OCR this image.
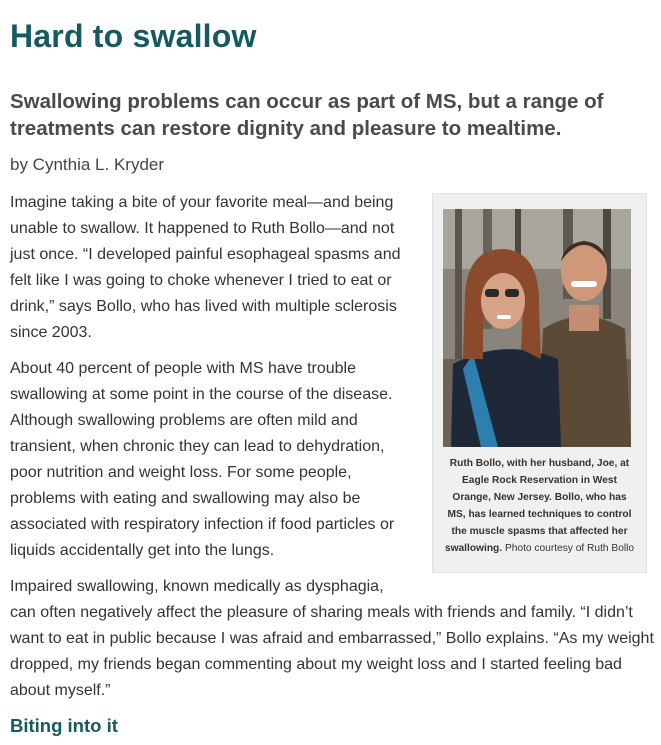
Hard to swallow

Swallowing problems can occur as part of MS, but a range of treatments can restore dignity and pleasure to mealtime.

by Cynthia L. Kryder

Ruth Bollo, with her husband, Joe, at Eagle Rock Reservation in West Orange, New Jersey. Bollo, who has MS, has learned techniques to control the muscle spasms that affected her swallowing. Photo courtesy of Ruth Bollo

Imagine taking a bite of your favorite meal—and being unable to swallow. It happened to Ruth Bollo—and not just once. “I developed painful esophageal spasms and felt like I was going to choke whenever I tried to eat or drink,” says Bollo, who has lived with multiple sclerosis since 2003.

About 40 percent of people with MS have trouble swallowing at some point in the course of the disease. Although swallowing problems are often mild and transient, when chronic they can lead to dehydration, poor nutrition and weight loss. For some people, problems with eating and swallowing may also be associated with respiratory infection if food particles or liquids accidentally get into the lungs.

Impaired swallowing, known medically as dysphagia, can often negatively affect the pleasure of sharing meals with friends and family. “I didn’t want to eat in public because I was afraid and embarrassed,” Bollo explains. “As my weight dropped, my friends began commenting about my weight loss and I started feeling bad about myself.”

Biting into it
